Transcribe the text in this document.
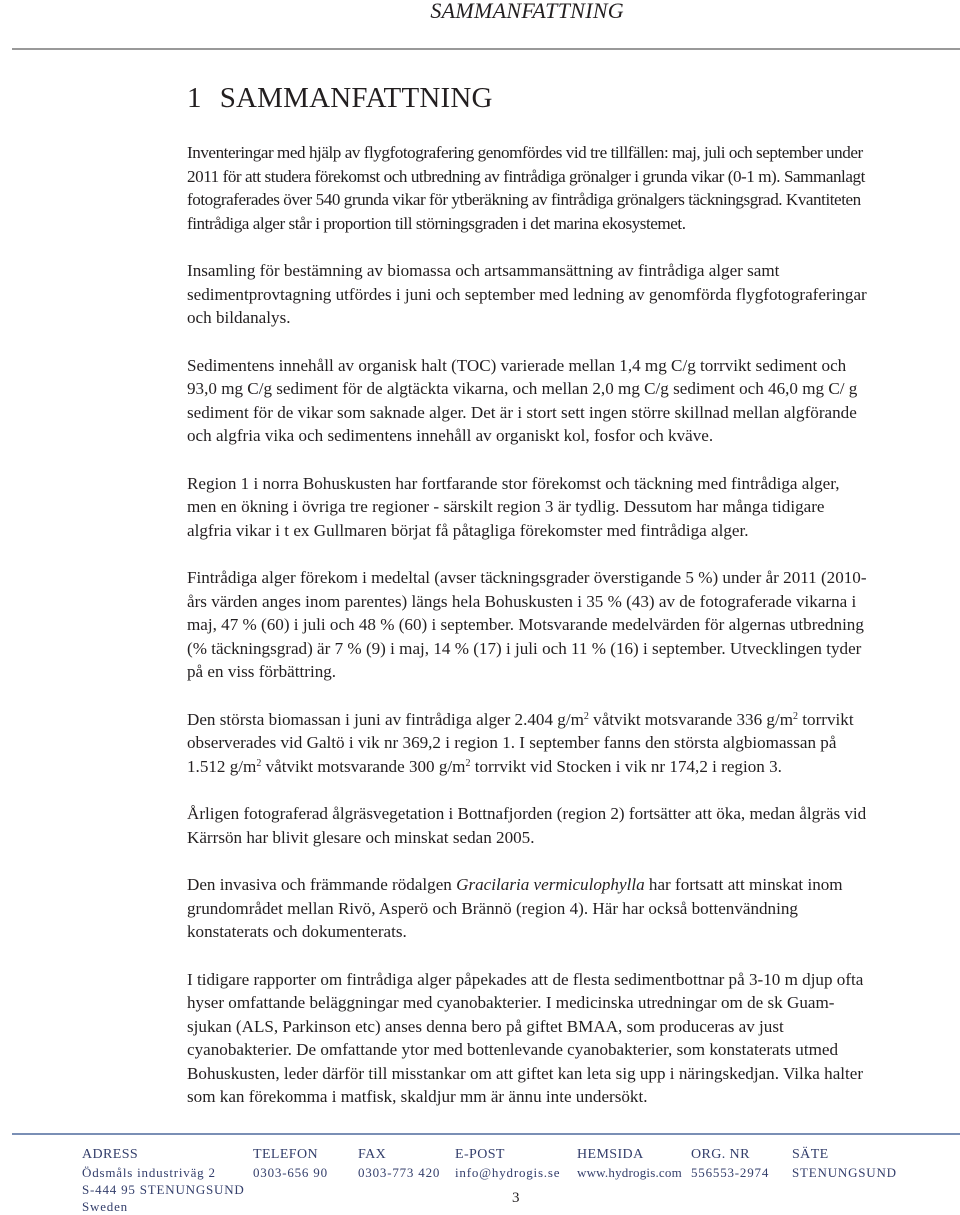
SAMMANFATTNING
1 SAMMANFATTNING

Inventeringar med hjälp av flygfotografering genomfördes vid tre tillfällen: maj, juli och september under 2011 för att studera förekomst och utbredning av fintrådiga grönalger i grunda vikar (0-1 m). Sammanlagt fotograferades över 540 grunda vikar för ytberäkning av fintrådiga grönalgers täckningsgrad. Kvantiteten fintrådiga alger står i proportion till störningsgraden i det marina ekosystemet.

Insamling för bestämning av biomassa och artsammansättning av fintrådiga alger samt sedimentprovtagning utfördes i juni och september med ledning av genomförda flygfotograferingar och bildanalys.

Sedimentens innehåll av organisk halt (TOC) varierade mellan 1,4 mg C/g torrvikt sediment och 93,0 mg C/g sediment för de algtäckta vikarna, och mellan 2,0 mg C/g sediment och 46,0 mg C/ g sediment för de vikar som saknade alger. Det är i stort sett ingen större skillnad mellan algförande och algfria vika och sedimentens innehåll av organiskt kol, fosfor och kväve.

Region 1 i norra Bohuskusten har fortfarande stor förekomst och täckning med fintrådiga alger, men en ökning i övriga tre regioner - särskilt region 3 är tydlig. Dessutom har många tidigare algfria vikar i t ex Gullmaren börjat få påtagliga förekomster med fintrådiga alger.

Fintrådiga alger förekom i medeltal (avser täckningsgrader överstigande 5 %) under år 2011 (2010-års värden anges inom parentes) längs hela Bohuskusten i 35 % (43) av de fotograferade vikarna i maj, 47 % (60) i juli och 48 % (60) i september. Motsvarande medelvärden för algernas utbredning (% täckningsgrad) är 7 % (9) i maj, 14 % (17) i juli och 11 % (16) i september. Utvecklingen tyder på en viss förbättring.

Den största biomassan i juni av fintrådiga alger 2.404 $g/m^2$ våtvikt motsvarande 336 $g/m^2$ torrvikt observerades vid Galtö i vik nr 369,2 i region 1. I september fanns den största algbiomassan på 1.512 $g/m^2$ våtvikt motsvarande 300 $g/m^2$ torrvikt vid Stocken i vik nr 174,2 i region 3.

Årligen fotograferad ålgräsvegetation i Bottnafjorden (region 2) fortsätter att öka, medan ålgräs vid Kärrsön har blivit glesare och minskat sedan 2005.

Den invasiva och främmande rödalgen Gracilaria vermiculophylla har fortsatt att minskat inom grundområdet mellan Rivö, Asperö och Brännö (region 4). Här har också bottenvändning konstaterats och dokumenterats.

I tidigare rapporter om fintrådiga alger påpekades att de flesta sedimentbottnar på 3-10 m djup ofta hyser omfattande beläggningar med cyanobakterier. I medicinska utredningar om de sk Guam-sjukan (ALS, Parkinson etc) anses denna bero på giftet BMAA, som produceras av just cyanobakterier. De omfattande ytor med bottenlevande cyanobakterier, som konstaterats utmed Bohuskusten, leder därför till misstankar om att giftet kan leta sig upp i näringskedjan. Vilka halter som kan förekomma i matfisk, skaldjur mm är ännu inte undersökt.

ADRESS
Ödsmåls industriväg 2
S-444 95 STENUNGSUND
Sweden
TELEFON
0303-656 90
FAX
0303-773 420
E-POST
info@hydrogis.se
HEMSIDA
www.hydrogis.com
ORG. NR
556553-2974
SÄTE
STENUNGSUND
3
